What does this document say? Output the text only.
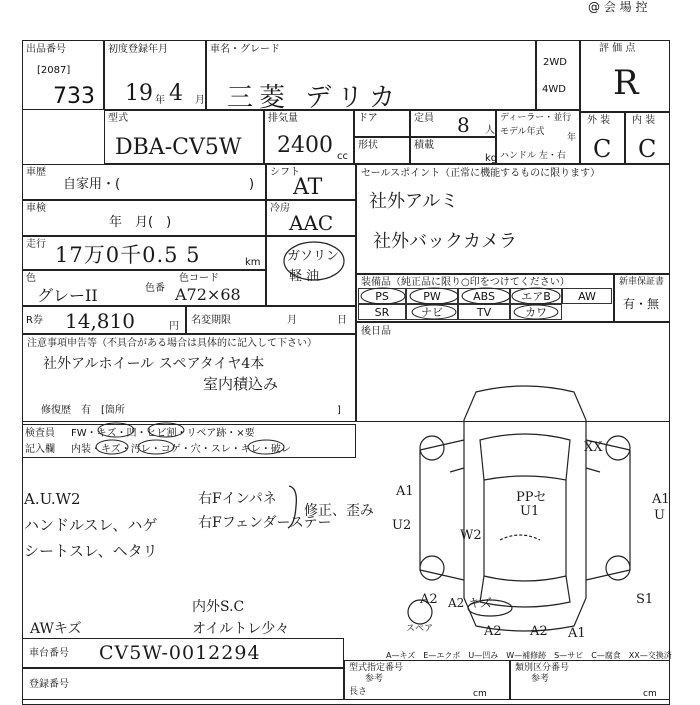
@ 会 場 控
出品番号
[2087]
733
初度登録年月
19 年 4 月
車名・グレード
三菱 デリカ
2WD
4WD
評 価 点
R
外 装
C
内 装
C
型式
DBA-CV5W
排気量
2400 cc
ドア	定員 8 人
形状	積載
kg
ディーラー・並行
モデル年式
年
ハンドル 左・右
車歴
自家用・(	)
シフト
AT
セールスポイント（正常に機能するものに限ります）
社外アルミ
社外バックカメラ
車検
年　月(　)
冷房
AAC
走行 17万0千0.5 5	km ガソリン
軽 油
色
グレーII	色番
色コード
A72×68
装備品（純正品に限り○印をつけてください）
PS	PW	ABS	エアB	AW
SR	ナビ	TV	カワ
新車保証書
有・無
後日品
R券 14,810	円
名変期限	月	日
注意事項申告等（不具合がある場合は具体的に記入して下さい）
社外アルホイール スペアタイヤ4本
室内積込み
修復歴　有　[箇所	]
検査員
記入欄
FW・キズ・凹・ヒビ割・リペア跡・×要
内装・キズ・汚レ・コゲ・穴・スレ・キレ・破レ
A.U.W2
ハンドルスレ、ハゲ
シートスレ、ヘタリ
右Fインパネ
右Fフェンダーステー
修正、歪み
AWキズ
内外S.C
オイルトレ少々
XX
A1
U2
W2
U1
PPセ
A2
A2 A2 A1
A1
U
S1
A2 キズ
スペア
A—キズ　E—エクボ　U—凹み　W—補修跡　S—サビ　C—腐食　XX—交換済
車台番号 CV5W-0012294
登録番号
型式指定番号
参考
長さ	cm
類別区分番号
参考
cm
